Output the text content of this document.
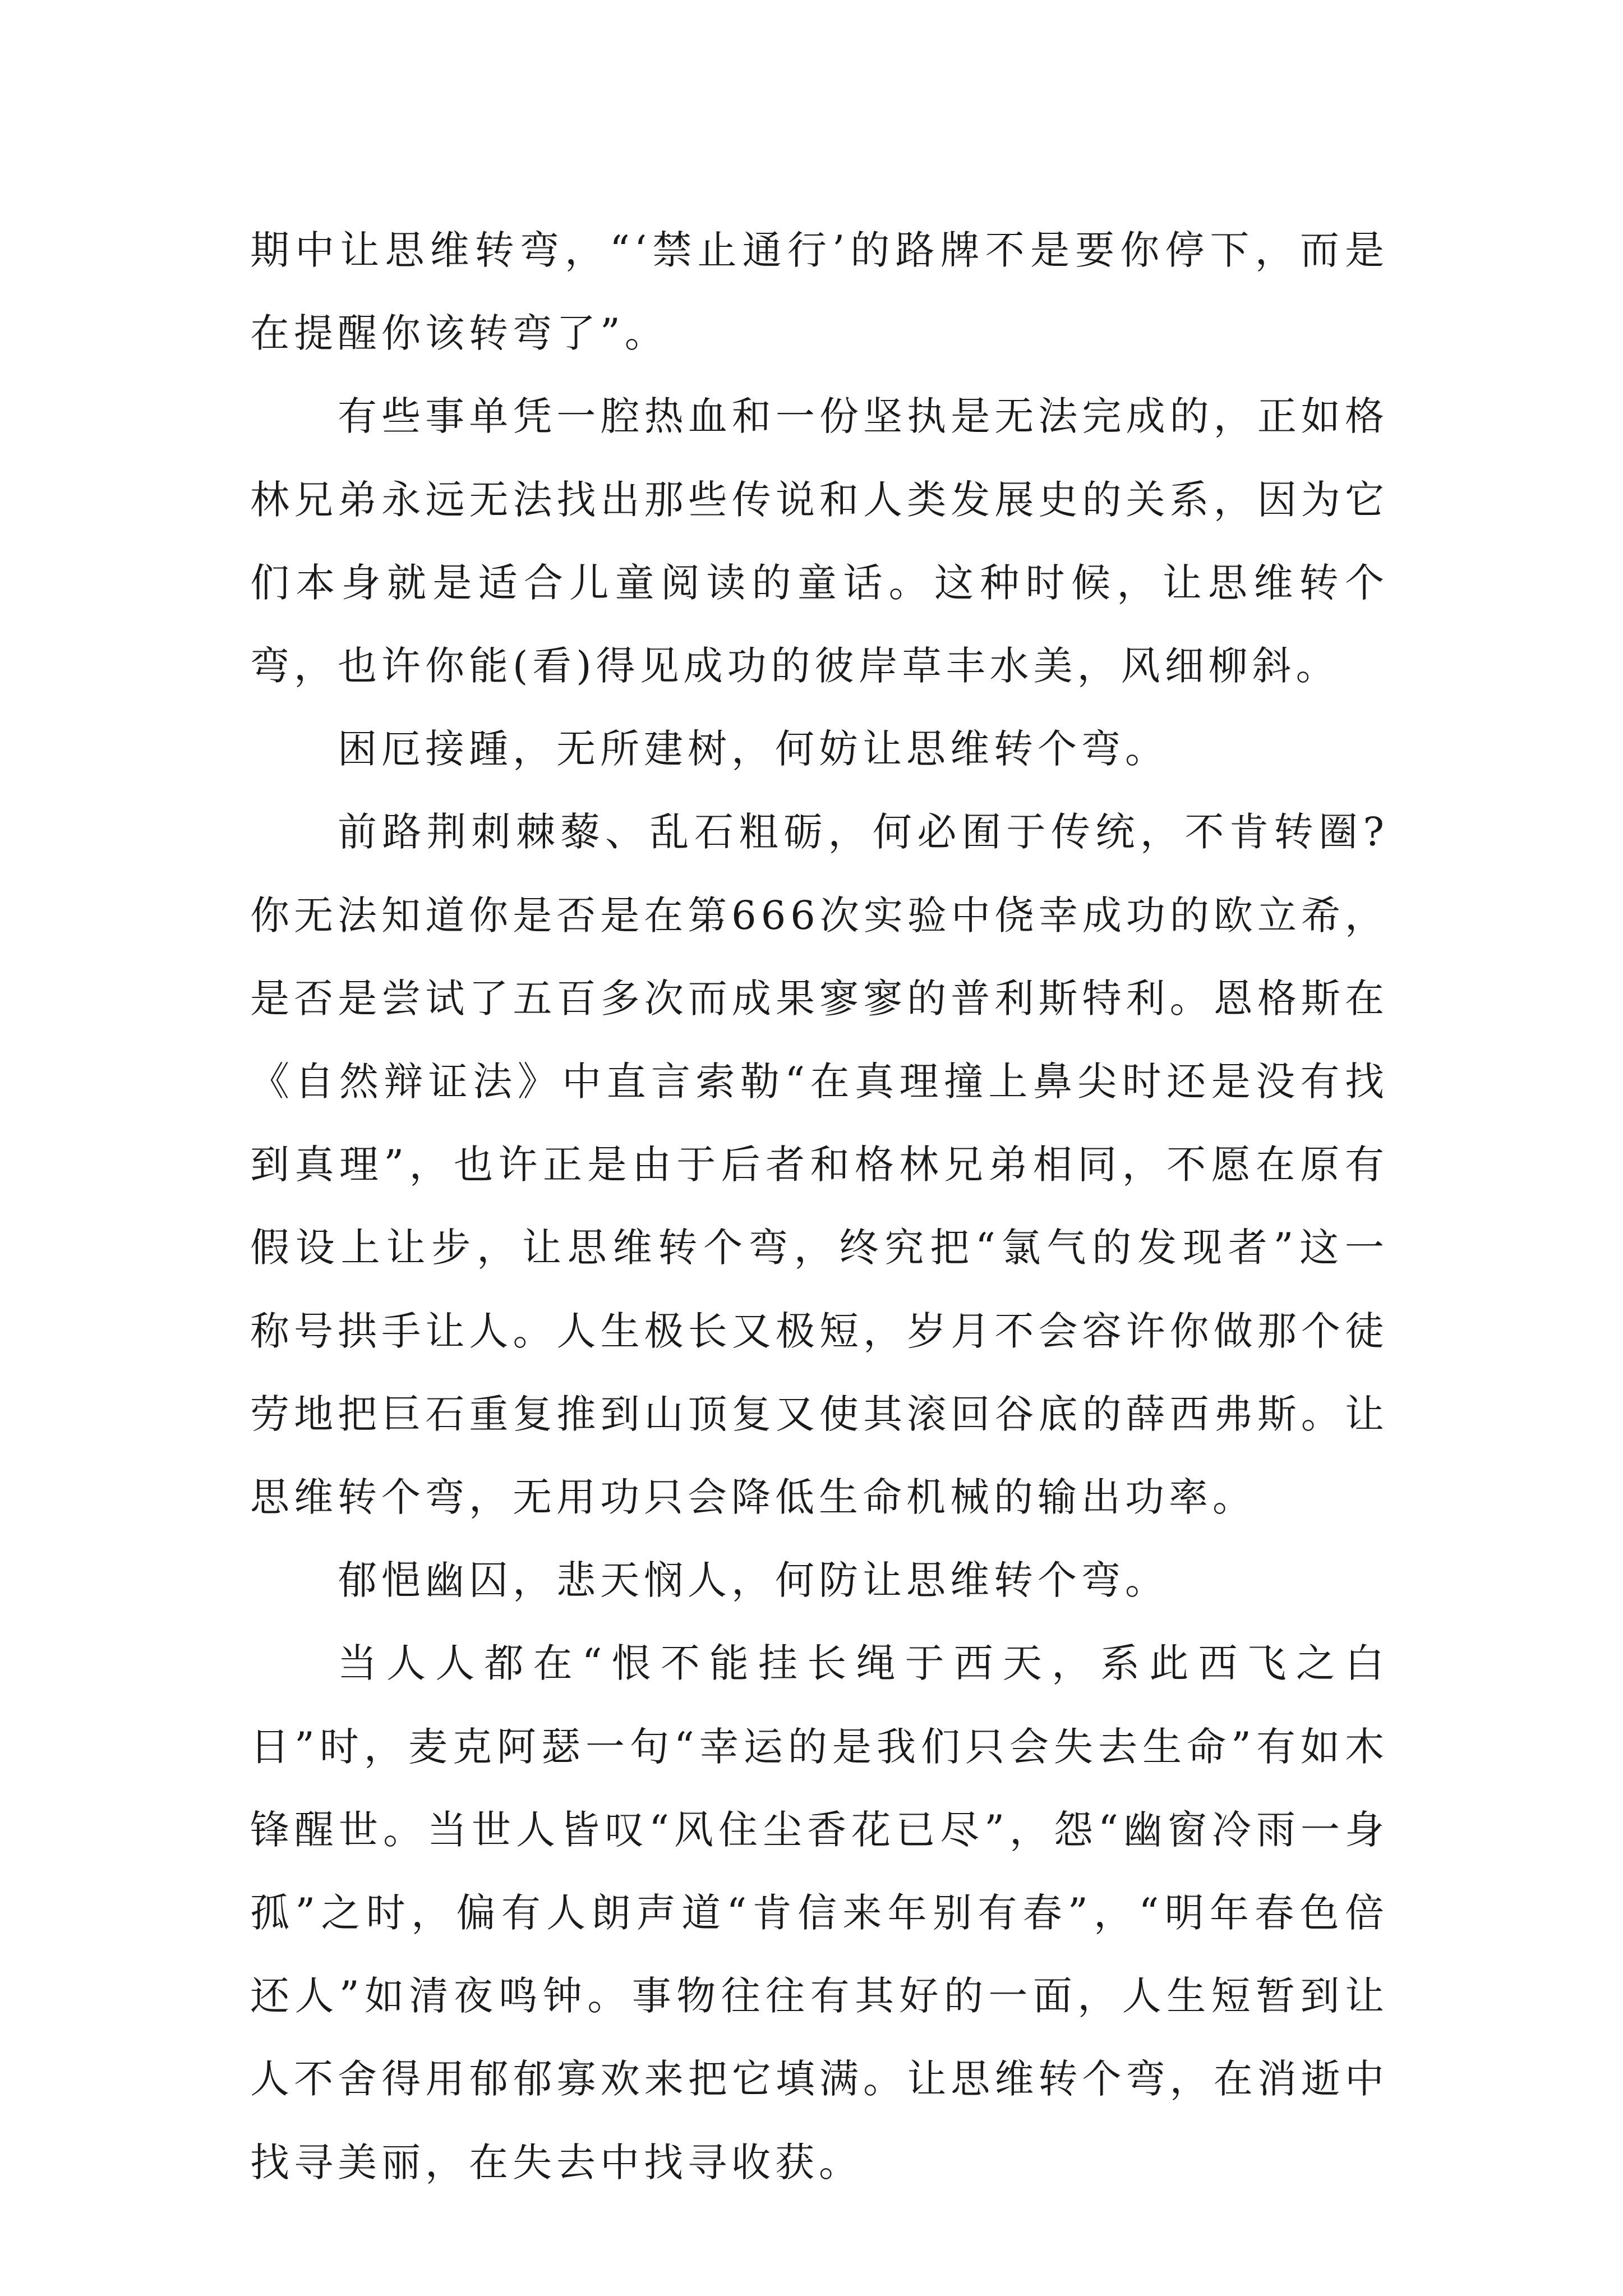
期中让思维转弯，“‘禁止通行’的路牌不是要你停下，而是在提醒你该转弯了”。

有些事单凭一腔热血和一份坚执是无法完成的，正如格林兄弟永远无法找出那些传说和人类发展史的关系，因为它们本身就是适合儿童阅读的童话。这种时候，让思维转个弯，也许你能(看)得见成功的彼岸草丰水美，风细柳斜。

困厄接踵，无所建树，何妨让思维转个弯。

前路荆刺棘藜、乱石粗砺，何必囿于传统，不肯转圈?你无法知道你是否是在第666次实验中侥幸成功的欧立希，是否是尝试了五百多次而成果寥寥的普利斯特利。恩格斯在《自然辩证法》中直言索勒“在真理撞上鼻尖时还是没有找到真理”，也许正是由于后者和格林兄弟相同，不愿在原有假设上让步，让思维转个弯，终究把“氯气的发现者”这一称号拱手让人。人生极长又极短，岁月不会容许你做那个徒劳地把巨石重复推到山顶复又使其滚回谷底的薛西弗斯。让思维转个弯，无用功只会降低生命机械的输出功率。

郁悒幽囚，悲天悯人，何防让思维转个弯。

当人人都在“恨不能挂长绳于西天，系此西飞之白日”时，麦克阿瑟一句“幸运的是我们只会失去生命”有如木锋醒世。当世人皆叹“风住尘香花已尽”，怨“幽窗冷雨一身孤”之时，偏有人朗声道“肯信来年别有春”，“明年春色倍还人”如清夜鸣钟。事物往往有其好的一面，人生短暂到让人不舍得用郁郁寡欢来把它填满。让思维转个弯，在消逝中找寻美丽，在失去中找寻收获。
